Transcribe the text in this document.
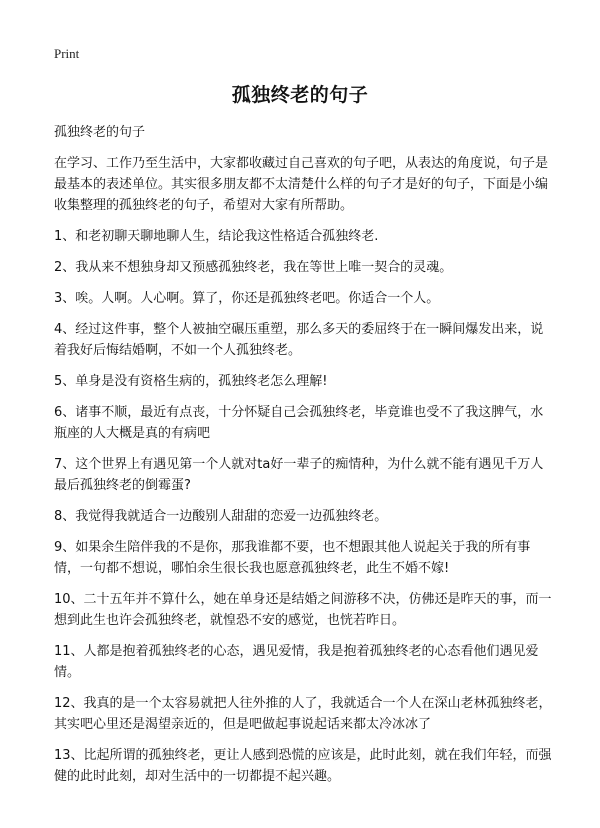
Print
孤独终老的句子

孤独终老的句子

在学习、工作乃至生活中，大家都收藏过自己喜欢的句子吧，从表达的角度说，句子是最基本的表述单位。其实很多朋友都不太清楚什么样的句子才是好的句子，下面是小编收集整理的孤独终老的句子，希望对大家有所帮助。

1、和老初聊天聊地聊人生，结论我这性格适合孤独终老.

2、我从来不想独身却又预感孤独终老，我在等世上唯一契合的灵魂。

3、唉。人啊。人心啊。算了，你还是孤独终老吧。你适合一个人。

4、经过这件事，整个人被抽空碾压重塑，那么多天的委屈终于在一瞬间爆发出来，说着我好后悔结婚啊，不如一个人孤独终老。

5、单身是没有资格生病的，孤独终老怎么理解!

6、诸事不顺，最近有点丧，十分怀疑自己会孤独终老，毕竟谁也受不了我这脾气，水瓶座的人大概是真的有病吧

7、这个世界上有遇见第一个人就对ta好一辈子的痴情种，为什么就不能有遇见千万人最后孤独终老的倒霉蛋?

8、我觉得我就适合一边酸别人甜甜的恋爱一边孤独终老。

9、如果余生陪伴我的不是你，那我谁都不要，也不想跟其他人说起关于我的所有事情，一句都不想说，哪怕余生很长我也愿意孤独终老，此生不婚不嫁!

10、二十五年并不算什么，她在单身还是结婚之间游移不决，仿佛还是昨天的事，而一想到此生也许会孤独终老，就惶恐不安的感觉，也恍若昨日。

11、人都是抱着孤独终老的心态，遇见爱情，我是抱着孤独终老的心态看他们遇见爱情。

12、我真的是一个太容易就把人往外推的人了，我就适合一个人在深山老林孤独终老，其实吧心里还是渴望亲近的，但是吧做起事说起话来都太冷冰冰了

13、比起所谓的孤独终老，更让人感到恐慌的应该是，此时此刻，就在我们年轻，而强健的此时此刻，却对生活中的一切都提不起兴趣。
